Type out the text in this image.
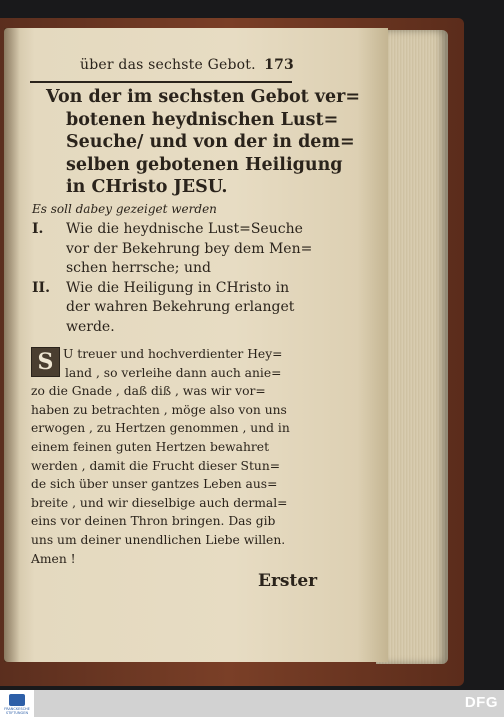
über das sechste Gebot. 173
Von der im sechsten Gebot ver=
botenen heydnischen Lust=
Seuche/ und von der in dem=
selben gebotenen Heiligung
in CHristo JESU.
Es soll dabey gezeiget werden
I. Wie die heydnische Lust=Seuche
vor der Bekehrung bey dem Men=
schen herrsche; und
II. Wie die Heiligung in CHristo in
der wahren Bekehrung erlanget
werde.
S U treuer und hochverdienter Hey=
land , so verleihe dann auch anie=
zo die Gnade , daß diß , was wir vor=
haben zu betrachten , möge also von uns
erwogen , zu Hertzen genommen , und in
einem feinen guten Hertzen bewahret
werden , damit die Frucht dieser Stun=
de sich über unser gantzes Leben aus=
breite , und wir dieselbige auch dermal=
eins vor deinen Thron bringen. Das gib
uns um deiner unendlichen Liebe willen.
Amen !
Erster
FRANCKESCHE STIFTUNGEN
DFG
